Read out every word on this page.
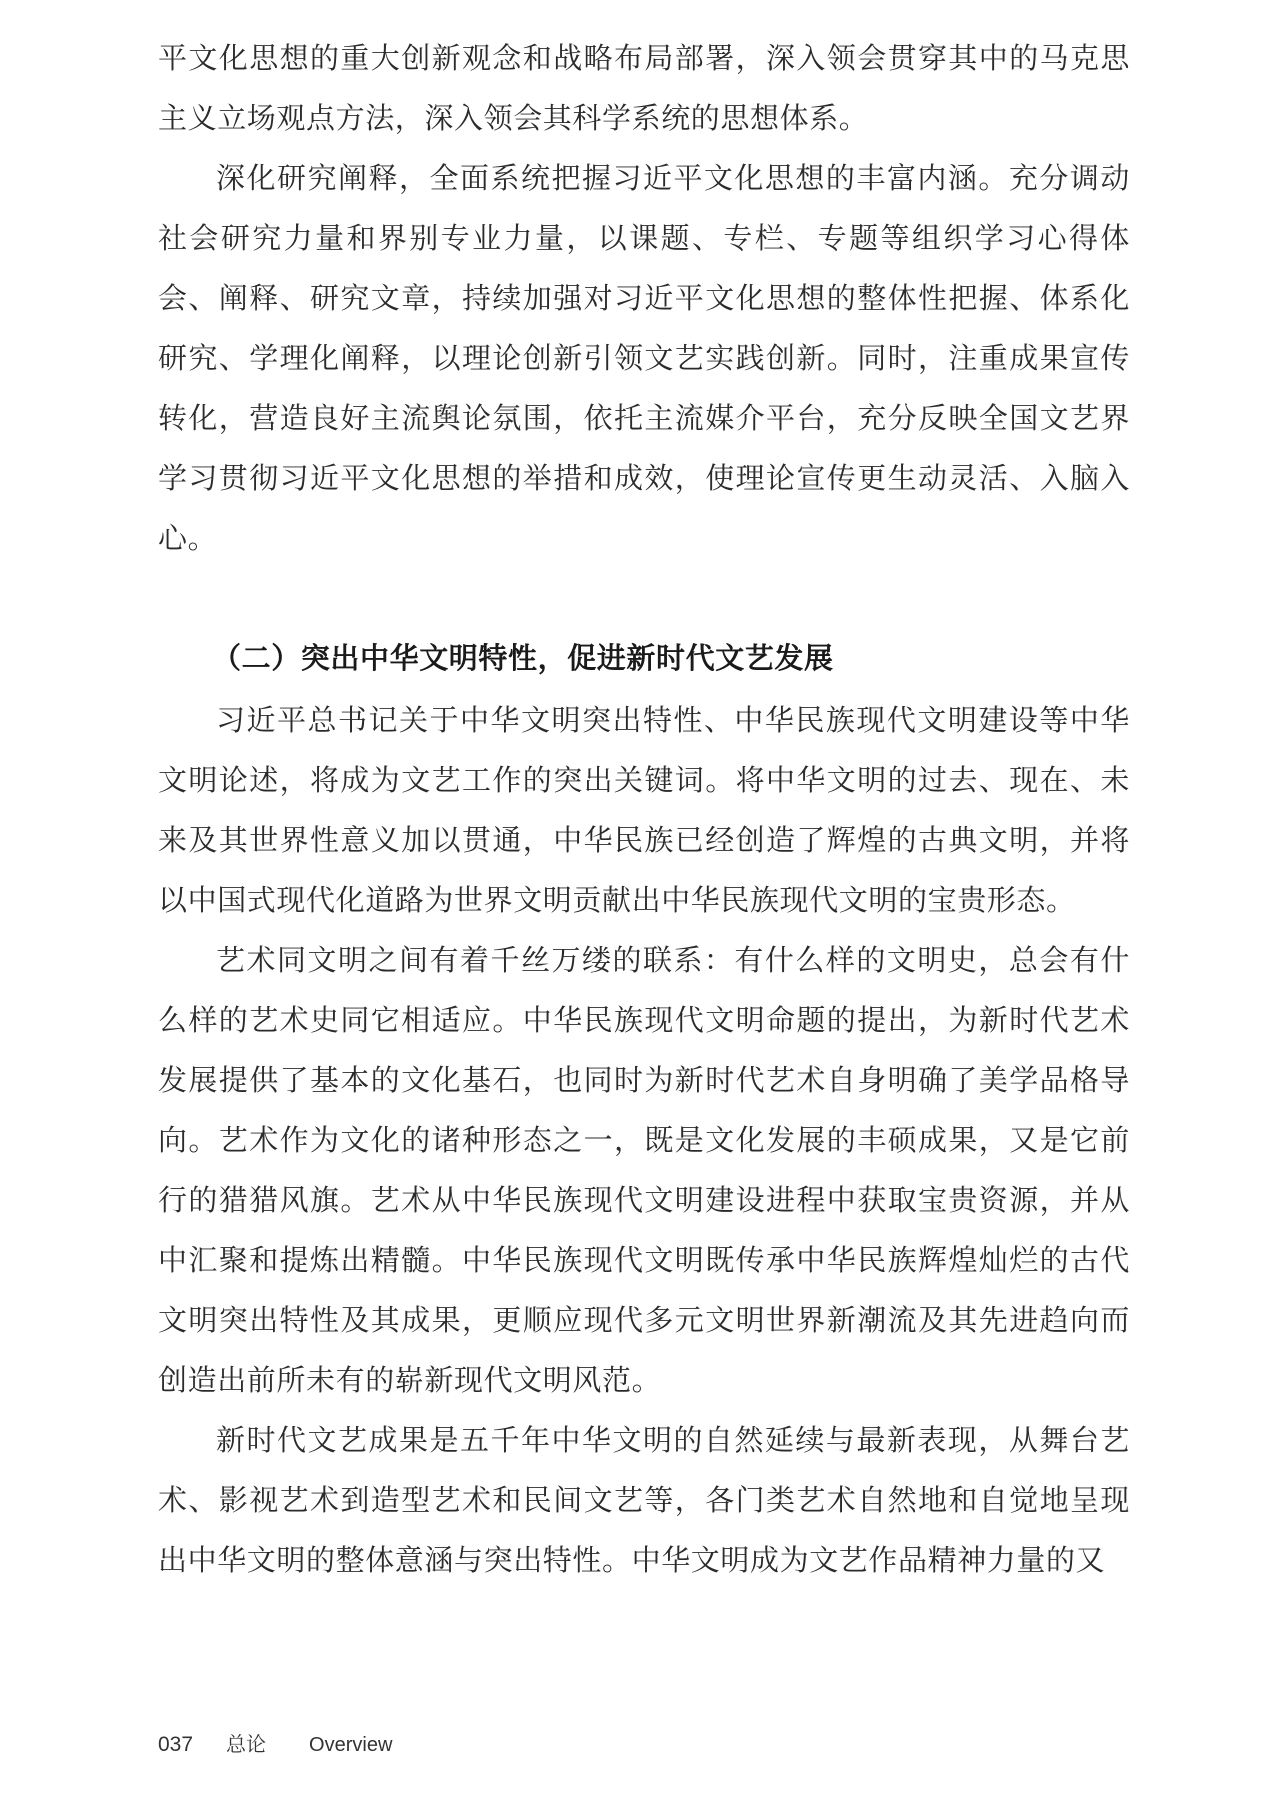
平文化思想的重大创新观念和战略布局部署，深入领会贯穿其中的马克思主义立场观点方法，深入领会其科学系统的思想体系。

深化研究阐释，全面系统把握习近平文化思想的丰富内涵。充分调动社会研究力量和界别专业力量，以课题、专栏、专题等组织学习心得体会、阐释、研究文章，持续加强对习近平文化思想的整体性把握、体系化研究、学理化阐释，以理论创新引领文艺实践创新。同时，注重成果宣传转化，营造良好主流舆论氛围，依托主流媒介平台，充分反映全国文艺界学习贯彻习近平文化思想的举措和成效，使理论宣传更生动灵活、入脑入心。

（二）突出中华文明特性，促进新时代文艺发展

习近平总书记关于中华文明突出特性、中华民族现代文明建设等中华文明论述，将成为文艺工作的突出关键词。将中华文明的过去、现在、未来及其世界性意义加以贯通，中华民族已经创造了辉煌的古典文明，并将以中国式现代化道路为世界文明贡献出中华民族现代文明的宝贵形态。

艺术同文明之间有着千丝万缕的联系：有什么样的文明史，总会有什么样的艺术史同它相适应。中华民族现代文明命题的提出，为新时代艺术发展提供了基本的文化基石，也同时为新时代艺术自身明确了美学品格导向。艺术作为文化的诸种形态之一，既是文化发展的丰硕成果，又是它前行的猎猎风旗。艺术从中华民族现代文明建设进程中获取宝贵资源，并从中汇聚和提炼出精髓。中华民族现代文明既传承中华民族辉煌灿烂的古代文明突出特性及其成果，更顺应现代多元文明世界新潮流及其先进趋向而创造出前所未有的崭新现代文明风范。

新时代文艺成果是五千年中华文明的自然延续与最新表现，从舞台艺术、影视艺术到造型艺术和民间文艺等，各门类艺术自然地和自觉地呈现出中华文明的整体意涵与突出特性。中华文明成为文艺作品精神力量的又

037 总论 Overview
